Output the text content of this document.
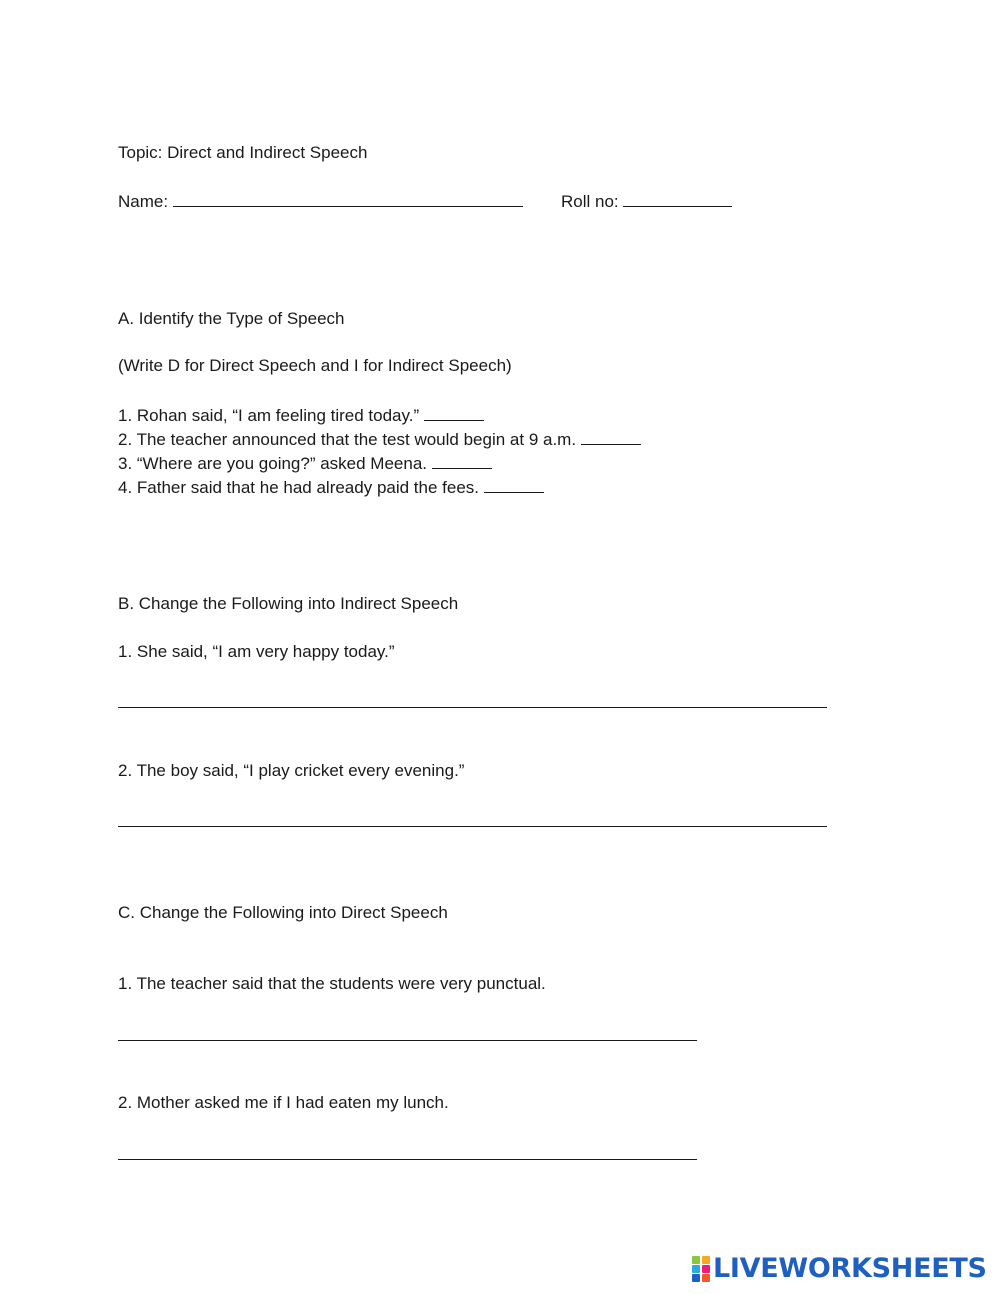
Topic: Direct and Indirect Speech
Name:	Roll no:
A. Identify the Type of Speech
(Write D for Direct Speech and I for Indirect Speech)
1. Rohan said, “I am feeling tired today.”
2. The teacher announced that the test would begin at 9 a.m.
3. “Where are you going?” asked Meena.
4. Father said that he had already paid the fees.
B. Change the Following into Indirect Speech
1. She said, “I am very happy today.”
2. The boy said, “I play cricket every evening.”
C. Change the Following into Direct Speech
1. The teacher said that the students were very punctual.
2. Mother asked me if I had eaten my lunch.
LIVEWORKSHEETS
